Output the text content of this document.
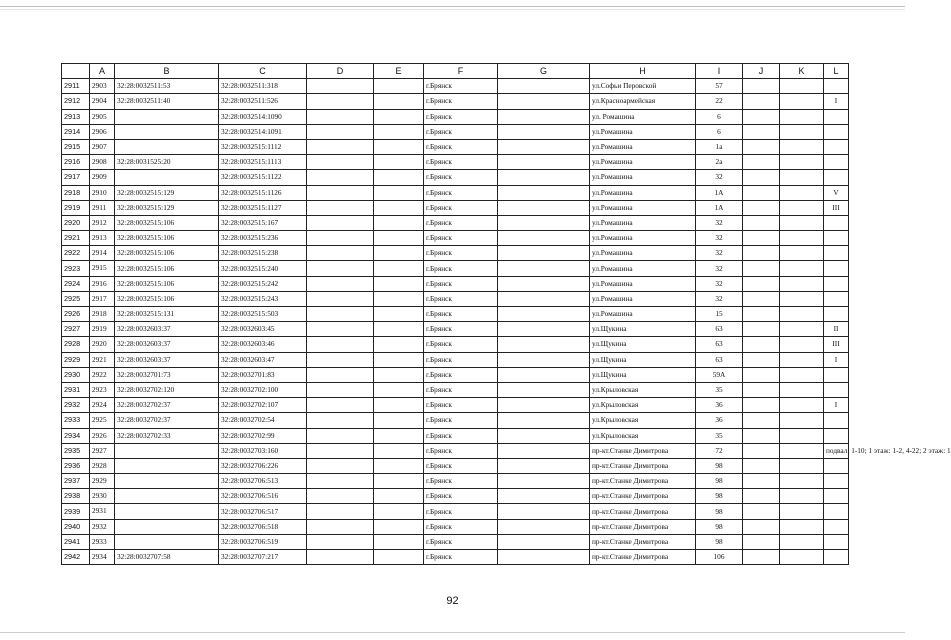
	A	B	C	D	E	F	G	H	I	J	K	L
2911	2903	32:28:0032511:53	32:28:0032511:318			г.Брянск		ул.Софьи Перовской	57			
2912	2904	32:28:0032511:40	32:28:0032511:526			г.Брянск		ул.Красноармейская	22			I
2913	2905		32:28:0032514:1090			г.Брянск		ул. Ромашина	6			
2914	2906		32:28:0032514:1091			г.Брянск		ул.Ромашина	6			
2915	2907		32:28:0032515:1112			г.Брянск		ул.Ромашина	1а			
2916	2908	32:28:0031525:20	32:28:0032515:1113			г.Брянск		ул.Ромашина	2а			
2917	2909		32:28:0032515:1122			г.Брянск		ул.Ромашина	32			
2918	2910	32:28:0032515:129	32:28:0032515:1126			г.Брянск		ул.Ромашина	1А			V
2919	2911	32:28:0032515:129	32:28:0032515:1127			г.Брянск		ул.Ромашина	1А			III
2920	2912	32:28:0032515:106	32:28:0032515:167			г.Брянск		ул.Ромашина	32			
2921	2913	32:28:0032515:106	32:28:0032515:236			г.Брянск		ул.Ромашина	32			
2922	2914	32:28:0032515:106	32:28:0032515:238			г.Брянск		ул.Ромашина	32			
2923	2915	32:28:0032515:106	32:28:0032515:240			г.Брянск		ул.Ромашина	32			
2924	2916	32:28:0032515:106	32:28:0032515:242			г.Брянск		ул.Ромашина	32			
2925	2917	32:28:0032515:106	32:28:0032515:243			г.Брянск		ул.Ромашина	32			
2926	2918	32:28:0032515:131	32:28:0032515:503			г.Брянск		ул.Ромашина	15			
2927	2919	32:28:0032603:37	32:28:0032603:45			г.Брянск		ул.Щукина	63			II
2928	2920	32:28:0032603:37	32:28:0032603:46			г.Брянск		ул.Щукина	63			III
2929	2921	32:28:0032603:37	32:28:0032603:47			г.Брянск		ул.Щукина	63			I
2930	2922	32:28:0032701:73	32:28:0032701:83			г.Брянск		ул.Щукина	59А			
2931	2923	32:28:0032702:120	32:28:0032702:100			г.Брянск		ул.Крыловская	35			
2932	2924	32:28:0032702:37	32:28:0032702:107			г.Брянск		ул.Крыловская	36			I
2933	2925	32:28:0032702:37	32:28:0032702:54			г.Брянск		ул.Крыловская	36			
2934	2926	32:28:0032702:33	32:28:0032702:99			г.Брянск		ул.Крыловская	35			
2935	2927		32:28:0032703:160			г.Брянск		пр-кт.Станке Димитрова	72			подвал: 1-10; 1 этаж: 1-2, 4-22; 2 этаж: 1
2936	2928		32:28:0032706:226			г.Брянск		пр-кт.Станке Димитрова	98			
2937	2929		32:28:0032706:513			г.Брянск		пр-кт.Станке Димитрова	98			
2938	2930		32:28:0032706:516			г.Брянск		пр-кт.Станке Димитрова	98			
2939	2931		32:28:0032706:517			г.Брянск		пр-кт.Станке Димитрова	98			
2940	2932		32:28:0032706:518			г.Брянск		пр-кт.Станке Димитрова	98			
2941	2933		32:28:0032706:519			г.Брянск		пр-кт.Станке Димитрова	98			
2942	2934	32:28:0032707:58	32:28:0032707:217			г.Брянск		пр-кт.Станке Димитрова	106			
92
